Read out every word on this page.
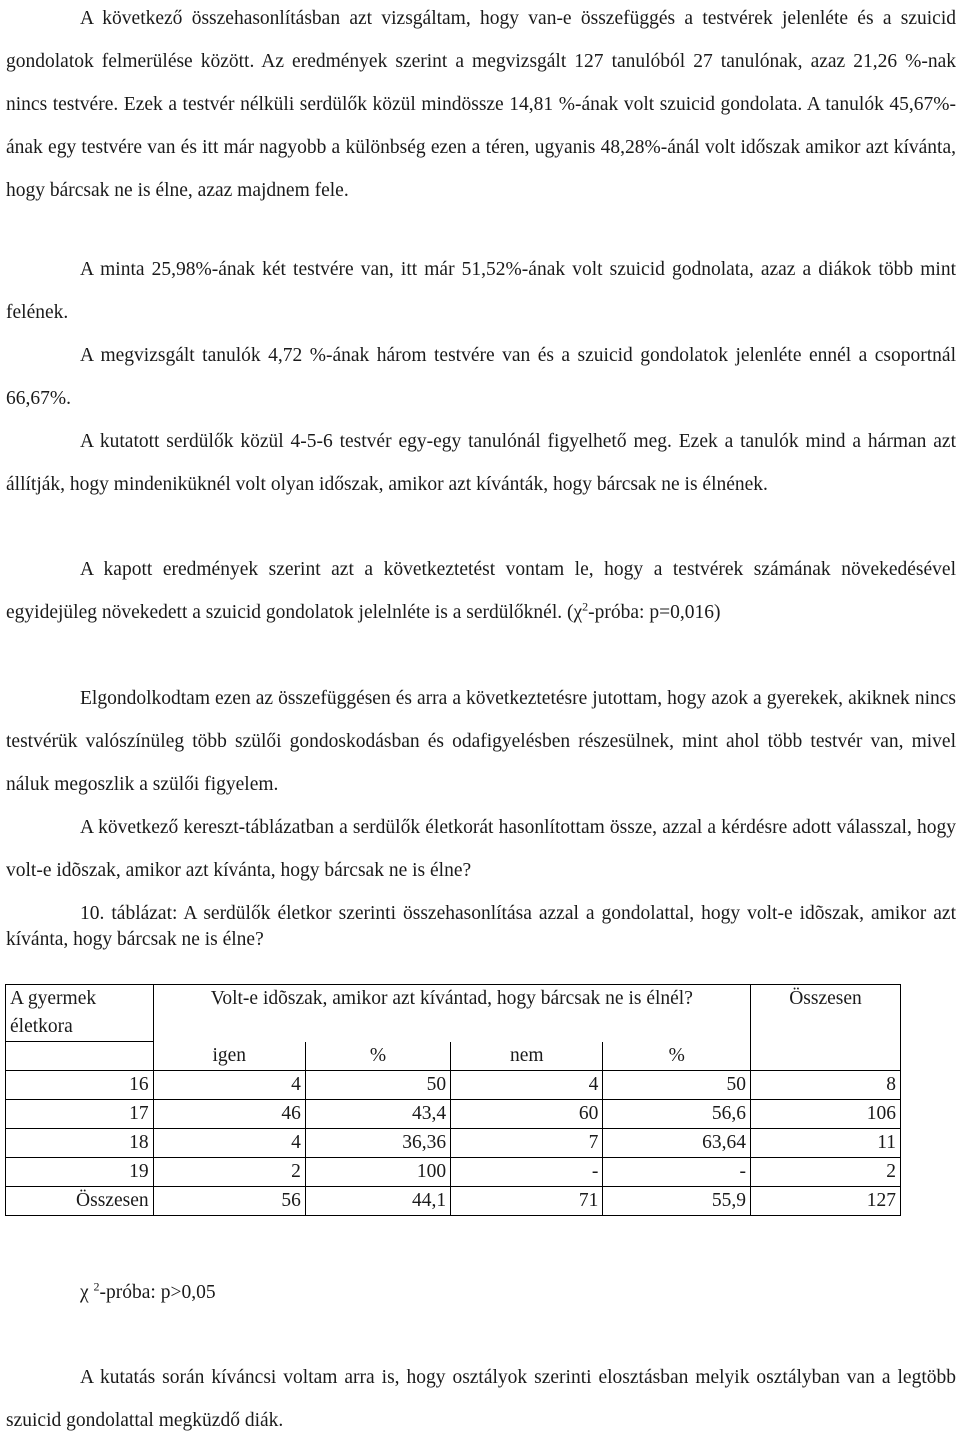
A következő összehasonlításban azt vizsgáltam, hogy van-e összefüggés a testvérek jelenléte és a szuicid gondolatok felmerülése között. Az eredmények szerint a megvizsgált 127 tanulóból 27 tanulónak, azaz 21,26 %-nak nincs testvére. Ezek a testvér nélküli serdülők közül mindössze 14,81 %-ának volt szuicid gondolata. A tanulók 45,67%-ának egy testvére van és itt már nagyobb a különbség ezen a téren, ugyanis 48,28%-ánál volt időszak amikor azt kívánta, hogy bárcsak ne is élne, azaz majdnem fele.

A minta 25,98%-ának két testvére van, itt már 51,52%-ának volt szuicid godnolata, azaz a diákok több mint felének.

A megvizsgált tanulók 4,72 %-ának három testvére van és a szuicid gondolatok jelenléte ennél a csoportnál 66,67%.

A kutatott serdülők közül 4-5-6 testvér egy-egy tanulónál figyelhető meg. Ezek a tanulók mind a hárman azt állítják, hogy mindeniküknél volt olyan időszak, amikor azt kívánták, hogy bárcsak ne is élnének.

A kapott eredmények szerint azt a következtetést vontam le, hogy a testvérek számának növekedésével egyidejüleg növekedett a szuicid gondolatok jelelnléte is a serdülőknél. ($\chi^2$-próba: p=0,016)

Elgondolkodtam ezen az összefüggésen és arra a következtetésre jutottam, hogy azok a gyerekek, akiknek nincs testvérük valószínüleg több szülői gondoskodásban és odafigyelésben részesülnek, mint ahol több testvér van, mivel náluk megoszlik a szülői figyelem.

A következő kereszt-táblázatban a serdülők életkorát hasonlítottam össze, azzal a kérdésre adott válasszal, hogy volt-e idõszak, amikor azt kívánta, hogy bárcsak ne is élne?

10. táblázat: A serdülők életkor szerinti összehasonlítása azzal a gondolattal, hogy volt-e idõszak, amikor azt kívánta, hogy bárcsak ne is élne?

A gyermek életkora	Volt-e idõszak, amikor azt kívántad, hogy bárcsak ne is élnél?				Összesen
	igen	%	nem	%	
16	4	50	4	50	8
17	46	43,4	60	56,6	106
18	4	36,36	7	63,64	11
19	2	100	-	-	2
Összesen	56	44,1	71	55,9	127
χ $^2$-próba: p>0,05

A kutatás során kíváncsi voltam arra is, hogy osztályok szerinti elosztásban melyik osztályban van a legtöbb szuicid gondolattal megküzdő diák.
